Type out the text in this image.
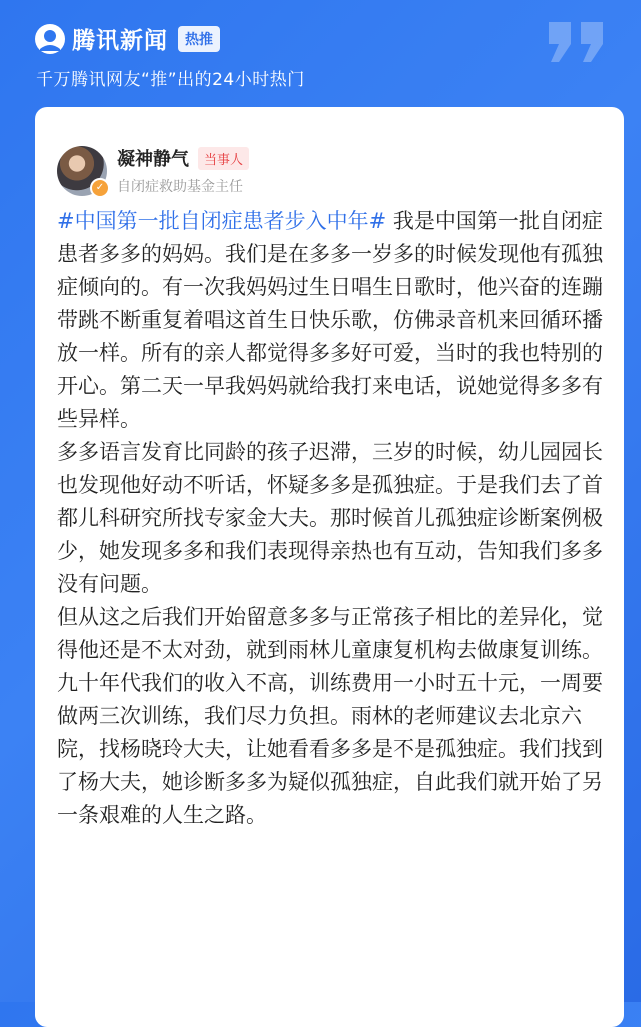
腾讯新闻	热推
千万腾讯网友“推”出的24小时热门
✓
凝神静气	当事人
自闭症救助基金主任

#中国第一批自闭症患者步入中年# 我是中国第一批自闭症患者多多的妈妈。我们是在多多一岁多的时候发现他有孤独症倾向的。有一次我妈妈过生日唱生日歌时，他兴奋的连蹦带跳不断重复着唱这首生日快乐歌，仿佛录音机来回循环播放一样。所有的亲人都觉得多多好可爱，当时的我也特别的开心。第二天一早我妈妈就给我打来电话，说她觉得多多有些异样。

多多语言发育比同龄的孩子迟滞，三岁的时候，幼儿园园长也发现他好动不听话，怀疑多多是孤独症。于是我们去了首都儿科研究所找专家金大夫。那时候首儿孤独症诊断案例极少，她发现多多和我们表现得亲热也有互动，告知我们多多没有问题。

但从这之后我们开始留意多多与正常孩子相比的差异化，觉得他还是不太对劲，就到雨林儿童康复机构去做康复训练。九十年代我们的收入不高，训练费用一小时五十元，一周要做两三次训练，我们尽力负担。雨林的老师建议去北京六院，找杨晓玲大夫，让她看看多多是不是孤独症。我们找到了杨大夫，她诊断多多为疑似孤独症，自此我们就开始了另一条艰难的人生之路。
